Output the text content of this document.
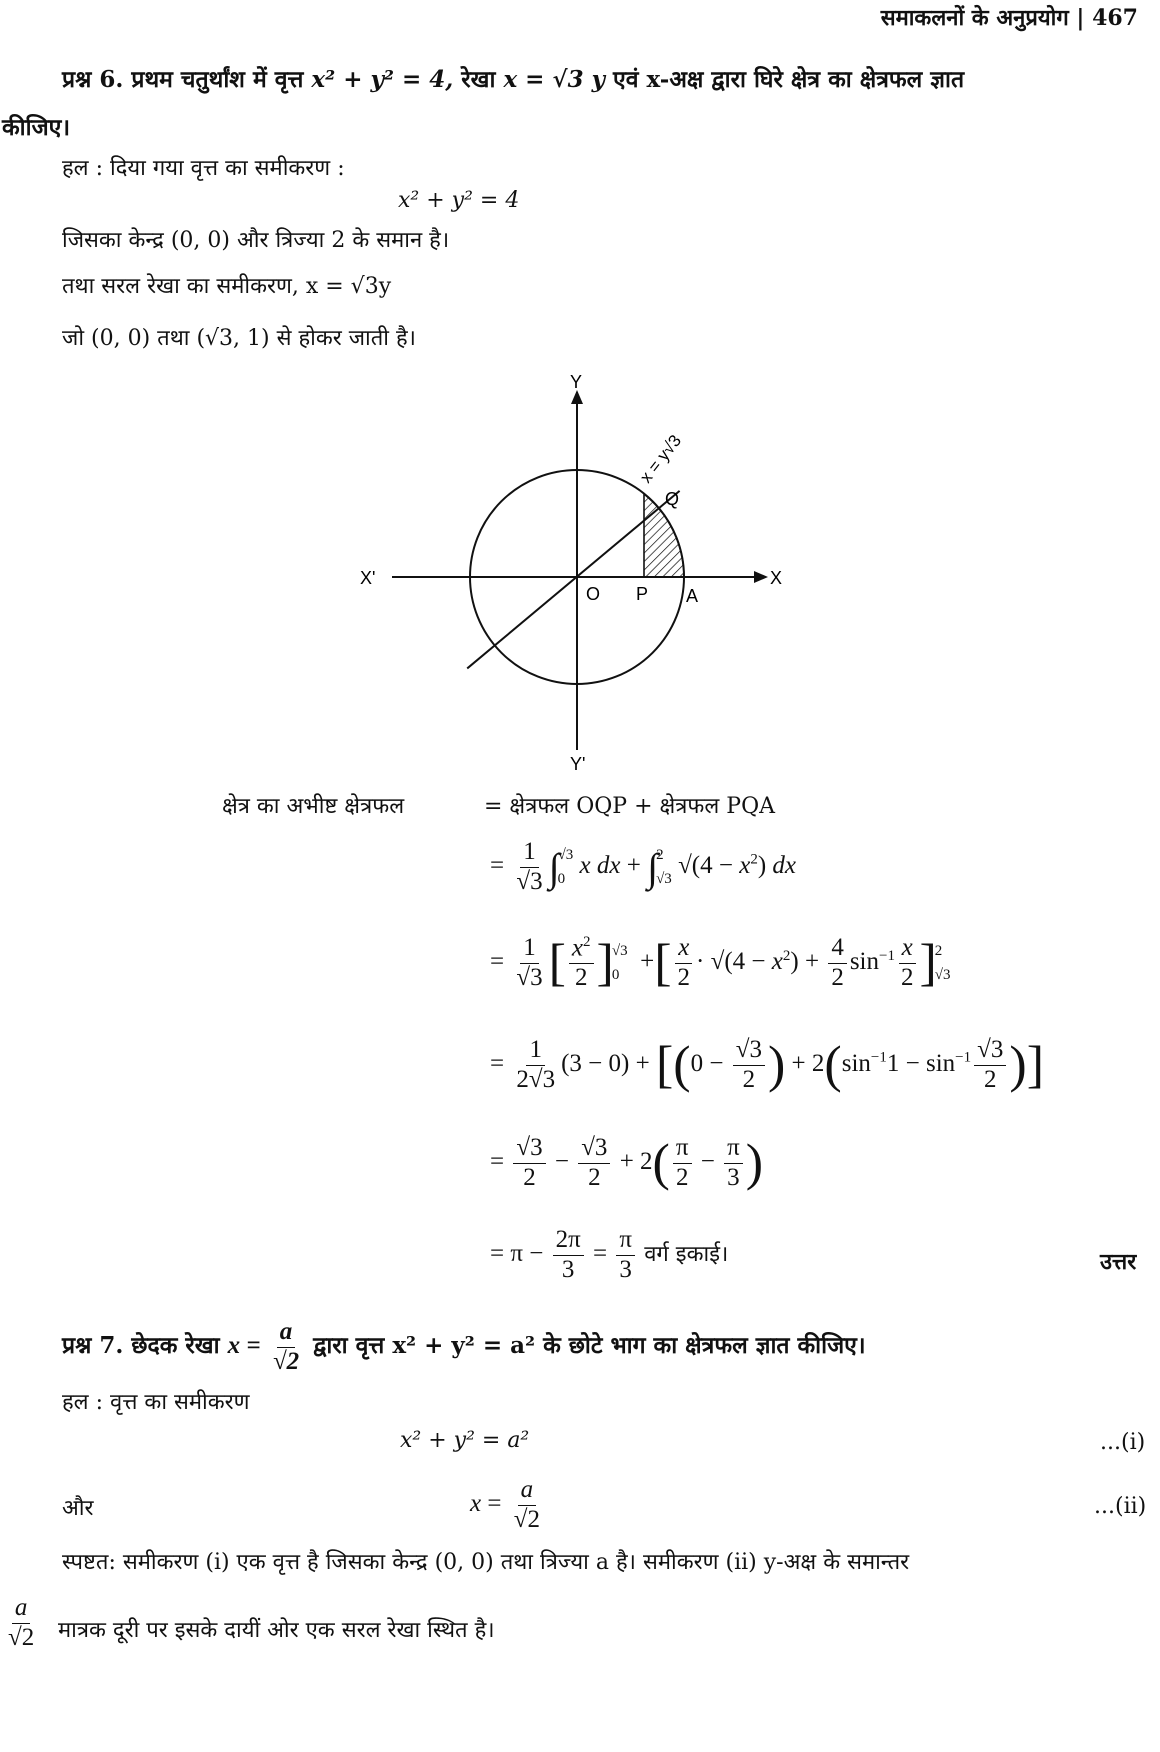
समाकलनों के अनुप्रयोग | 467
प्रश्न 6. प्रथम चतुर्थांश में वृत्त x² + y² = 4, रेखा x = √3 y एवं x-अक्ष द्वारा घिरे क्षेत्र का क्षेत्रफल ज्ञात
कीजिए।
हल : दिया गया वृत्त का समीकरण :
x² + y² = 4
जिसका केन्द्र (0, 0) और त्रिज्या 2 के समान है।
तथा सरल रेखा का समीकरण, x = √3y
जो (0, 0) तथा (√3, 1) से होकर जाती है।
Y
Y'
X
X'
O P A
Q
x = y√3
क्षेत्र का अभीष्ट क्षेत्रफल	= क्षेत्रफल OQP + क्षेत्रफल PQA
= $\frac{1}{√3}$ ∫
√3
0
x dx + ∫
2
√3
$√(4 - x^2)$ dx
= $\frac{1}{√3}$ [ $\frac{x^2}{2}$ ]
√3
0
+[ $\frac{x}{2} \cdot √(4 - x^2) + \frac{4}{2} \sin^{-1} \frac{x}{2}$ ]
2
√3
= $\frac{1}{2√3} (3 - 0) + [(0 - \frac{√3}{2}$ ) + $2(\sin^{-1}1 - \sin^{-1} \frac{√3}{2}$ )]
= $\frac{√3}{2} - \frac{√3}{2} + 2( \frac{\pi}{2} - \frac{\pi}{3}$ )
= $\pi - \frac{2\pi}{3} = \frac{\pi}{3}$ वर्ग इकाई।	उत्तर
प्रश्न 7. छेदक रेखा $x = \frac{a}{√2}$ द्वारा वृत्त x² + y² = a² के छोटे भाग का क्षेत्रफल ज्ञात कीजिए।
हल : वृत्त का समीकरण
x² + y² = a²	...(i)
और	$x = \frac{a}{√2}$	...(ii)
स्पष्टत: समीकरण (i) एक वृत्त है जिसका केन्द्र (0, 0) तथा त्रिज्या a है। समीकरण (ii) y-अक्ष के समान्तर
$\frac{a}{√2}$ मात्रक दूरी पर इसके दायीं ओर एक सरल रेखा स्थित है।
